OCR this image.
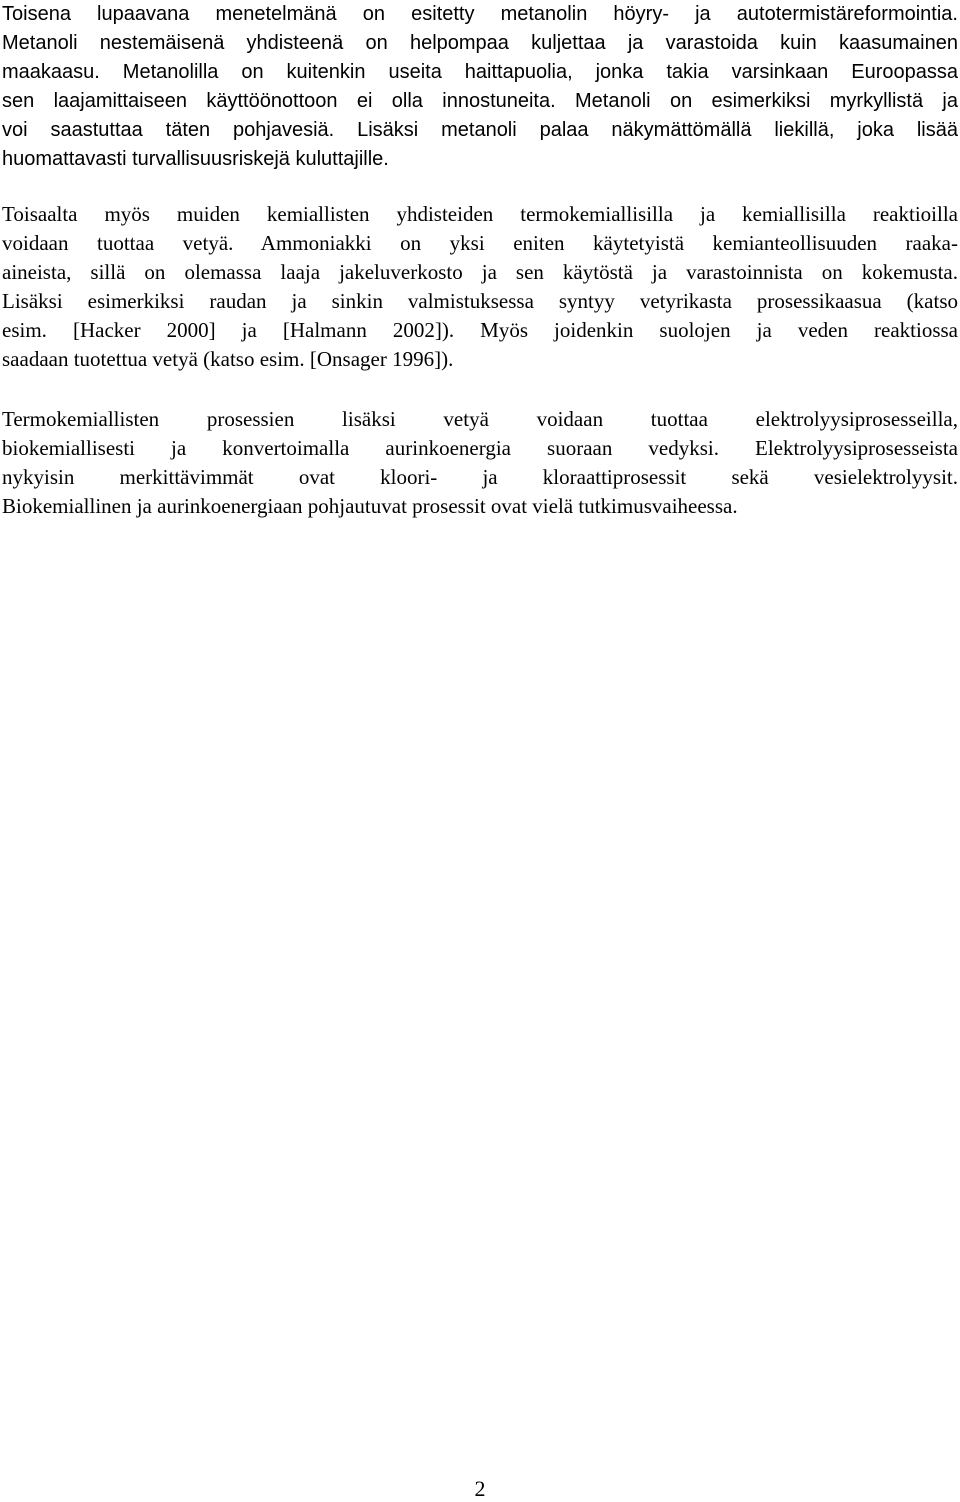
Toisena lupaavana menetelmänä on esitetty metanolin höyry- ja autotermistäreformointia.
Metanoli nestemäisenä yhdisteenä on helpompaa kuljettaa ja varastoida kuin kaasumainen
maakaasu. Metanolilla on kuitenkin useita haittapuolia, jonka takia varsinkaan Euroopassa
sen laajamittaiseen käyttöönottoon ei olla innostuneita. Metanoli on esimerkiksi myrkyllistä ja
voi saastuttaa täten pohjavesiä. Lisäksi metanoli palaa näkymättömällä liekillä, joka lisää
huomattavasti turvallisuusriskejä kuluttajille.
Toisaalta myös muiden kemiallisten yhdisteiden termokemiallisilla ja kemiallisilla reaktioilla
voidaan tuottaa vetyä. Ammoniakki on yksi eniten käytetyistä kemianteollisuuden raaka-
aineista, sillä on olemassa laaja jakeluverkosto ja sen käytöstä ja varastoinnista on kokemusta.
Lisäksi esimerkiksi raudan ja sinkin valmistuksessa syntyy vetyrikasta prosessikaasua (katso
esim. [Hacker 2000] ja [Halmann 2002]). Myös joidenkin suolojen ja veden reaktiossa
saadaan tuotettua vetyä (katso esim. [Onsager 1996]).
Termokemiallisten prosessien lisäksi vetyä voidaan tuottaa elektrolyysiprosesseilla,
biokemiallisesti ja konvertoimalla aurinkoenergia suoraan vedyksi. Elektrolyysiprosesseista
nykyisin merkittävimmät ovat kloori- ja kloraattiprosessit sekä vesielektrolyysit.
Biokemiallinen ja aurinkoenergiaan pohjautuvat prosessit ovat vielä tutkimusvaiheessa.
2
